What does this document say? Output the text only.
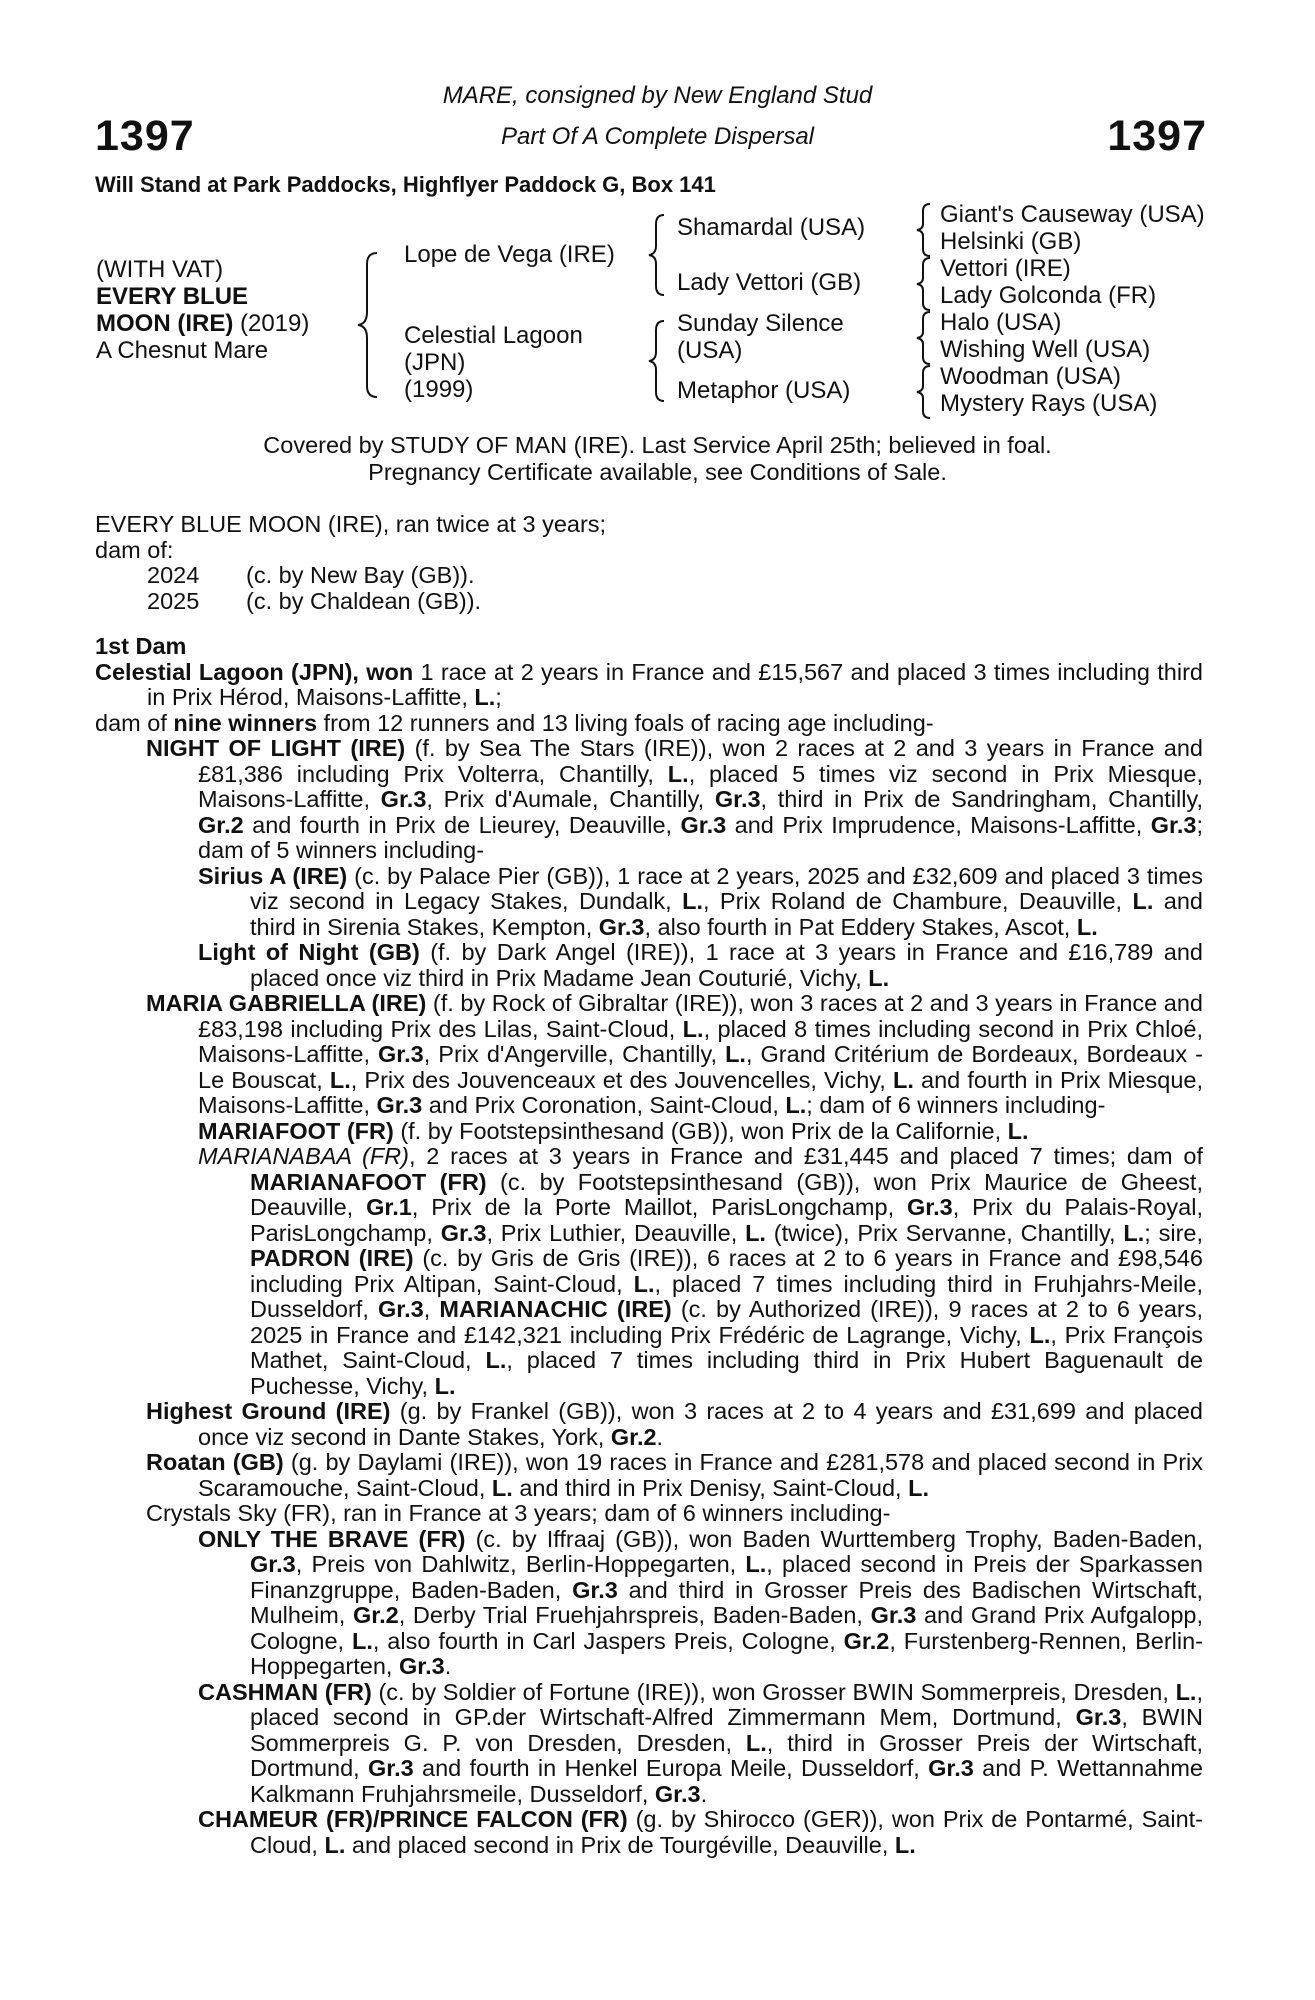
1397	1397
MARE, consigned by New England Stud
Part Of A Complete Dispersal
Will Stand at Park Paddocks, Highflyer Paddock G, Box 141
(WITH VAT)
EVERY BLUE
MOON (IRE) (2019)
A Chesnut Mare
Lope de Vega (IRE)
Celestial Lagoon
(JPN)
(1999)
Shamardal (USA)
Lady Vettori (GB)
Sunday Silence
(USA)
Metaphor (USA)
Giant's Causeway (USA)
Helsinki (GB)
Vettori (IRE)
Lady Golconda (FR)
Halo (USA)
Wishing Well (USA)
Woodman (USA)
Mystery Rays (USA)
Covered by STUDY OF MAN (IRE). Last Service April 25th; believed in foal.
Pregnancy Certificate available, see Conditions of Sale.
EVERY BLUE MOON (IRE), ran twice at 3 years;
dam of:
2024 (c. by New Bay (GB)).
2025 (c. by Chaldean (GB)).
1st Dam

Celestial Lagoon (JPN), won 1 race at 2 years in France and £15,567 and placed 3 times including third in Prix Hérod, Maisons-Laffitte, L.;

dam of nine winners from 12 runners and 13 living foals of racing age including-

NIGHT OF LIGHT (IRE) (f. by Sea The Stars (IRE)), won 2 races at 2 and 3 years in France and £81,386 including Prix Volterra, Chantilly, L., placed 5 times viz second in Prix Miesque, Maisons-Laffitte, Gr.3, Prix d'Aumale, Chantilly, Gr.3, third in Prix de Sandringham, Chantilly, Gr.2 and fourth in Prix de Lieurey, Deauville, Gr.3 and Prix Imprudence, Maisons-Laffitte, Gr.3; dam of 5 winners including-

Sirius A (IRE) (c. by Palace Pier (GB)), 1 race at 2 years, 2025 and £32,609 and placed 3 times viz second in Legacy Stakes, Dundalk, L., Prix Roland de Chambure, Deauville, L. and third in Sirenia Stakes, Kempton, Gr.3, also fourth in Pat Eddery Stakes, Ascot, L.

Light of Night (GB) (f. by Dark Angel (IRE)), 1 race at 3 years in France and £16,789 and placed once viz third in Prix Madame Jean Couturié, Vichy, L.

MARIA GABRIELLA (IRE) (f. by Rock of Gibraltar (IRE)), won 3 races at 2 and 3 years in France and £83,198 including Prix des Lilas, Saint-Cloud, L., placed 8 times including second in Prix Chloé, Maisons-Laffitte, Gr.3, Prix d'Angerville, Chantilly, L., Grand Critérium de Bordeaux, Bordeaux - Le Bouscat, L., Prix des Jouvenceaux et des Jouvencelles, Vichy, L. and fourth in Prix Miesque, Maisons-Laffitte, Gr.3 and Prix Coronation, Saint-Cloud, L.; dam of 6 winners including-

MARIAFOOT (FR) (f. by Footstepsinthesand (GB)), won Prix de la Californie, L.

MARIANABAA (FR), 2 races at 3 years in France and £31,445 and placed 7 times; dam of MARIANAFOOT (FR) (c. by Footstepsinthesand (GB)), won Prix Maurice de Gheest, Deauville, Gr.1, Prix de la Porte Maillot, ParisLongchamp, Gr.3, Prix du Palais-Royal, ParisLongchamp, Gr.3, Prix Luthier, Deauville, L. (twice), Prix Servanne, Chantilly, L.; sire, PADRON (IRE) (c. by Gris de Gris (IRE)), 6 races at 2 to 6 years in France and £98,546 including Prix Altipan, Saint-Cloud, L., placed 7 times including third in Fruhjahrs-Meile, Dusseldorf, Gr.3, MARIANACHIC (IRE) (c. by Authorized (IRE)), 9 races at 2 to 6 years, 2025 in France and £142,321 including Prix Frédéric de Lagrange, Vichy, L., Prix François Mathet, Saint-Cloud, L., placed 7 times including third in Prix Hubert Baguenault de Puchesse, Vichy, L.

Highest Ground (IRE) (g. by Frankel (GB)), won 3 races at 2 to 4 years and £31,699 and placed once viz second in Dante Stakes, York, Gr.2.

Roatan (GB) (g. by Daylami (IRE)), won 19 races in France and £281,578 and placed second in Prix Scaramouche, Saint-Cloud, L. and third in Prix Denisy, Saint-Cloud, L.

Crystals Sky (FR), ran in France at 3 years; dam of 6 winners including-

ONLY THE BRAVE (FR) (c. by Iffraaj (GB)), won Baden Wurttemberg Trophy, Baden-Baden, Gr.3, Preis von Dahlwitz, Berlin-Hoppegarten, L., placed second in Preis der Sparkassen Finanzgruppe, Baden-Baden, Gr.3 and third in Grosser Preis des Badischen Wirtschaft, Mulheim, Gr.2, Derby Trial Fruehjahrspreis, Baden-Baden, Gr.3 and Grand Prix Aufgalopp, Cologne, L., also fourth in Carl Jaspers Preis, Cologne, Gr.2, Furstenberg-Rennen, Berlin-Hoppegarten, Gr.3.

CASHMAN (FR) (c. by Soldier of Fortune (IRE)), won Grosser BWIN Sommerpreis, Dresden, L., placed second in GP.der Wirtschaft-Alfred Zimmermann Mem, Dortmund, Gr.3, BWIN Sommerpreis G. P. von Dresden, Dresden, L., third in Grosser Preis der Wirtschaft, Dortmund, Gr.3 and fourth in Henkel Europa Meile, Dusseldorf, Gr.3 and P. Wettannahme Kalkmann Fruhjahrsmeile, Dusseldorf, Gr.3.

CHAMEUR (FR)/PRINCE FALCON (FR) (g. by Shirocco (GER)), won Prix de Pontarmé, Saint-Cloud, L. and placed second in Prix de Tourgéville, Deauville, L.
